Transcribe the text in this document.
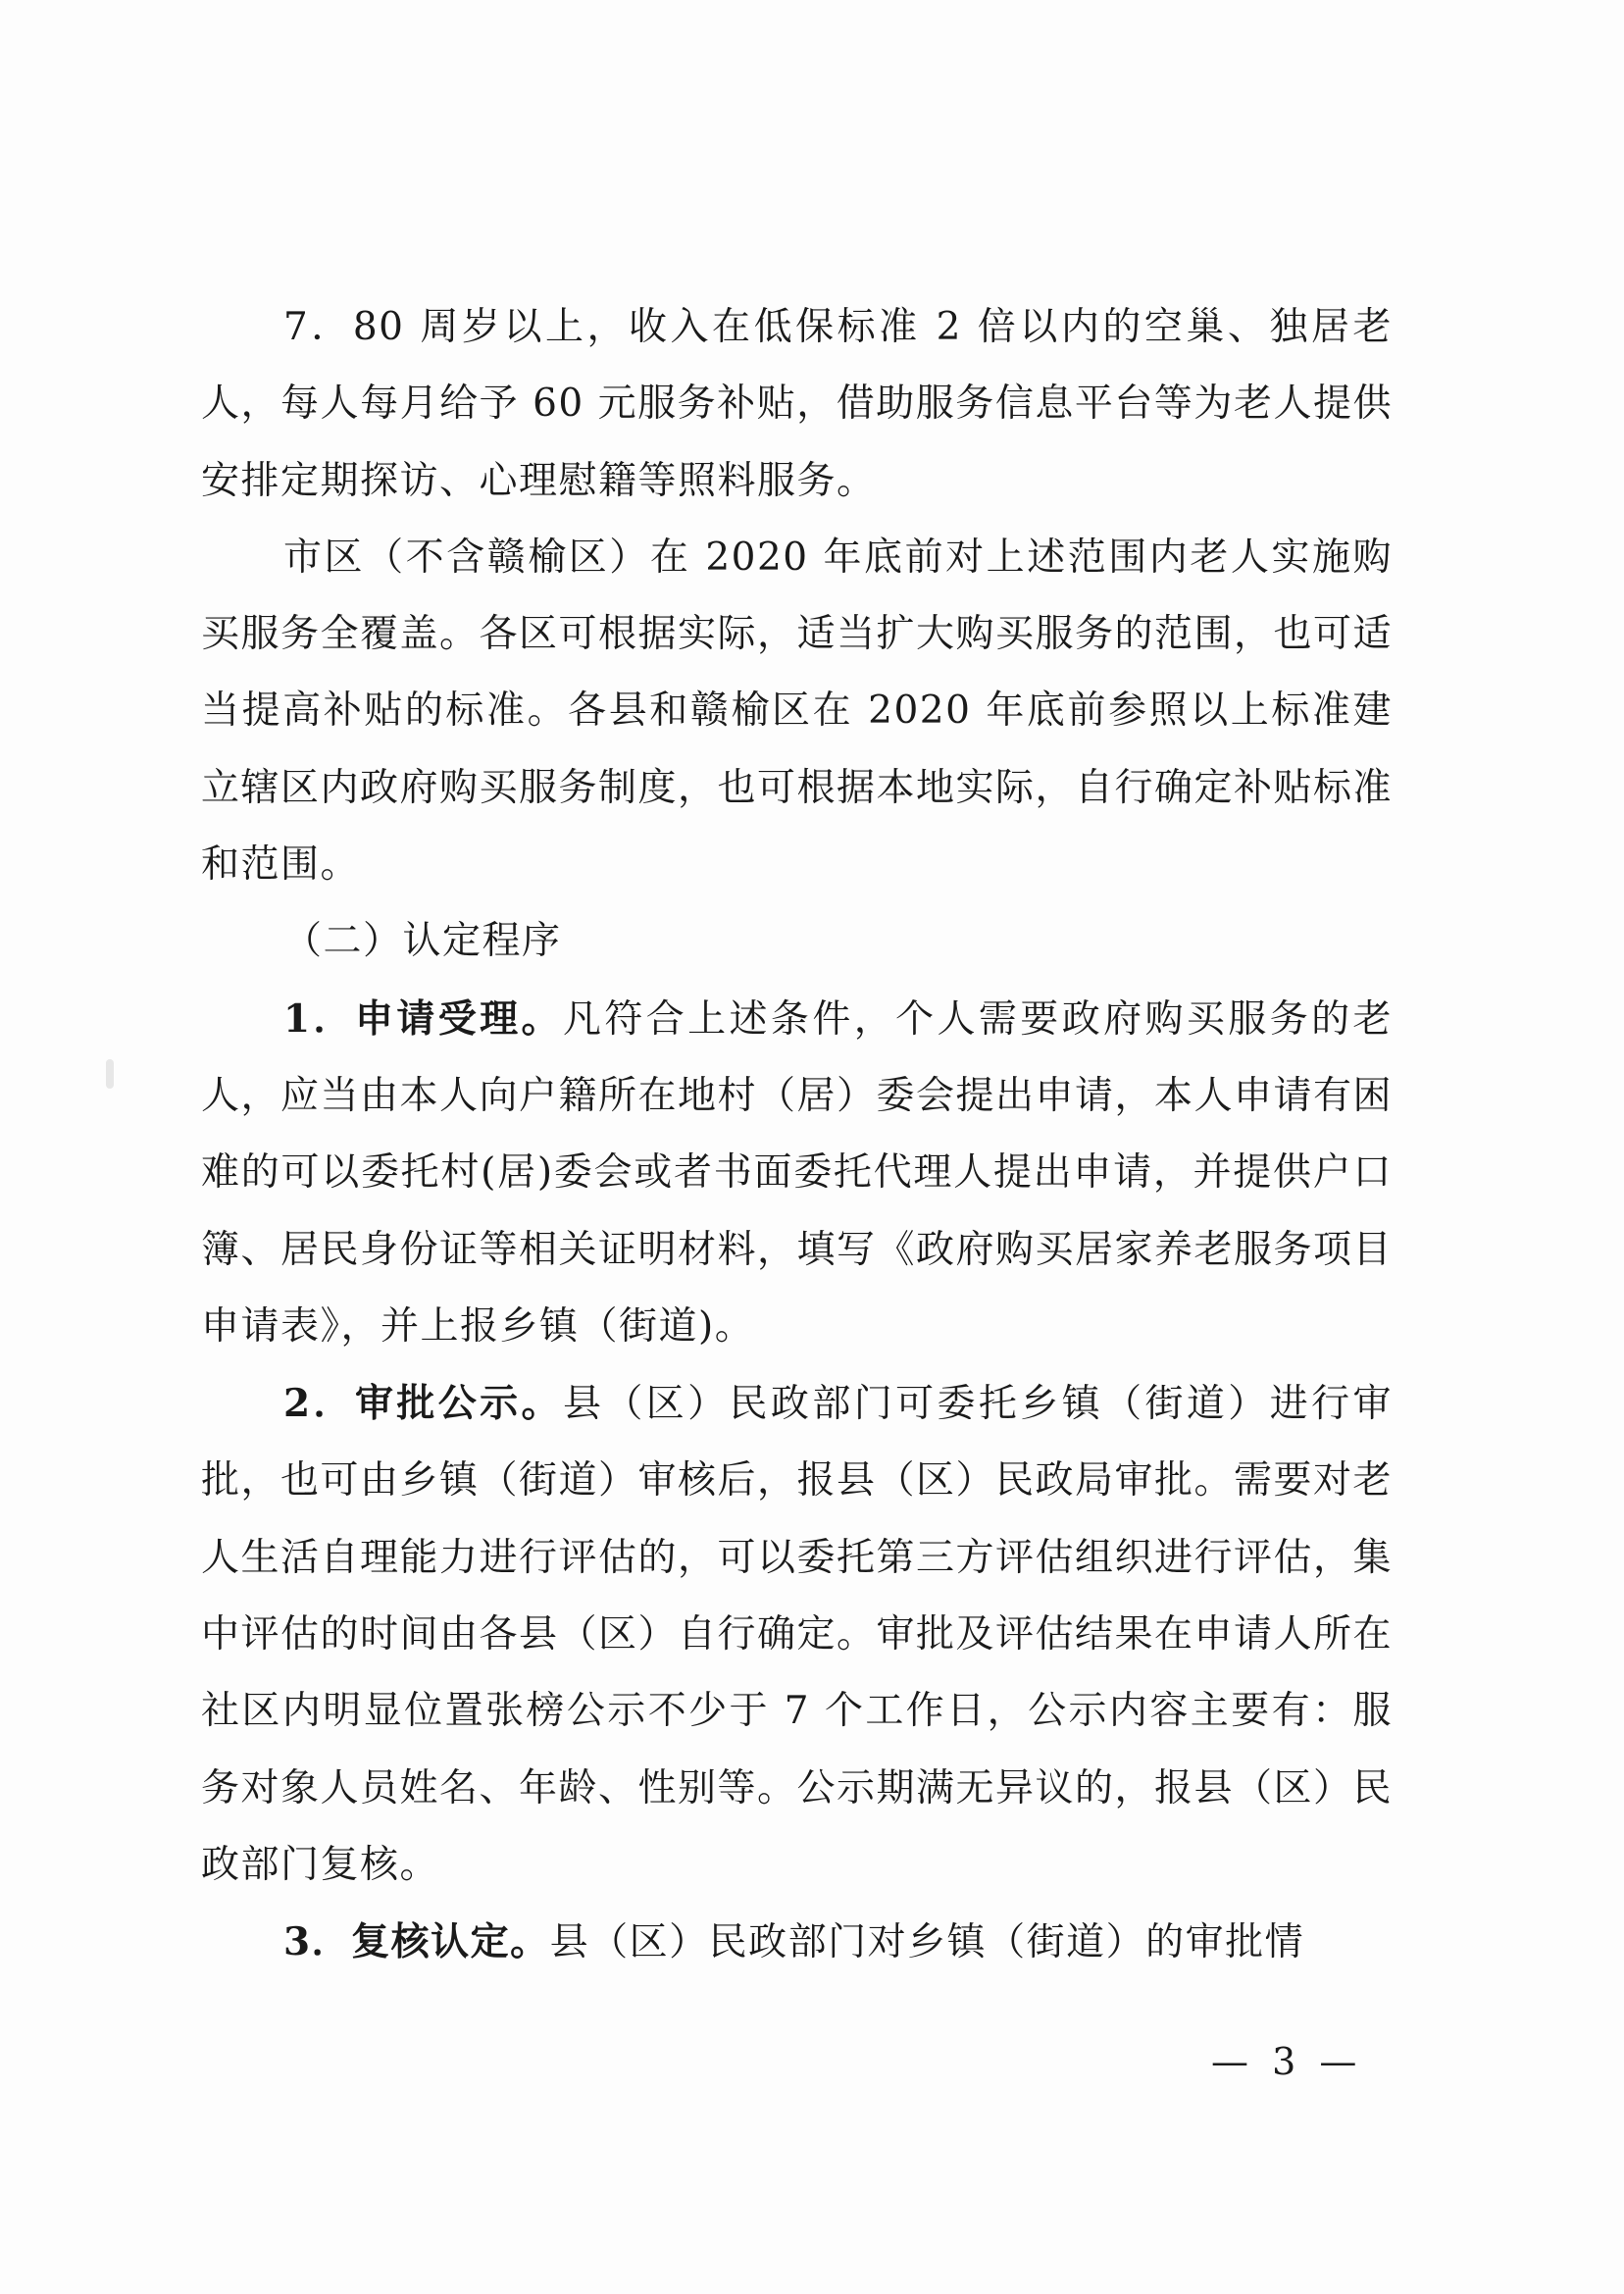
7．80 周岁以上，收入在低保标准 2 倍以内的空巢、独居老人，每人每月给予 60 元服务补贴，借助服务信息平台等为老人提供安排定期探访、心理慰籍等照料服务。

市区（不含赣榆区）在 2020 年底前对上述范围内老人实施购买服务全覆盖。各区可根据实际，适当扩大购买服务的范围，也可适当提高补贴的标准。各县和赣榆区在 2020 年底前参照以上标准建立辖区内政府购买服务制度，也可根据本地实际，自行确定补贴标准和范围。

（二）认定程序

1．申请受理。凡符合上述条件，个人需要政府购买服务的老人，应当由本人向户籍所在地村（居）委会提出申请，本人申请有困难的可以委托村(居)委会或者书面委托代理人提出申请，并提供户口簿、居民身份证等相关证明材料，填写《政府购买居家养老服务项目申请表》，并上报乡镇（街道)。

2．审批公示。县（区）民政部门可委托乡镇（街道）进行审批，也可由乡镇（街道）审核后，报县（区）民政局审批。需要对老人生活自理能力进行评估的，可以委托第三方评估组织进行评估，集中评估的时间由各县（区）自行确定。审批及评估结果在申请人所在社区内明显位置张榜公示不少于 7 个工作日，公示内容主要有：服务对象人员姓名、年龄、性别等。公示期满无异议的，报县（区）民政部门复核。

3．复核认定。县（区）民政部门对乡镇（街道）的审批情

— 3 —
